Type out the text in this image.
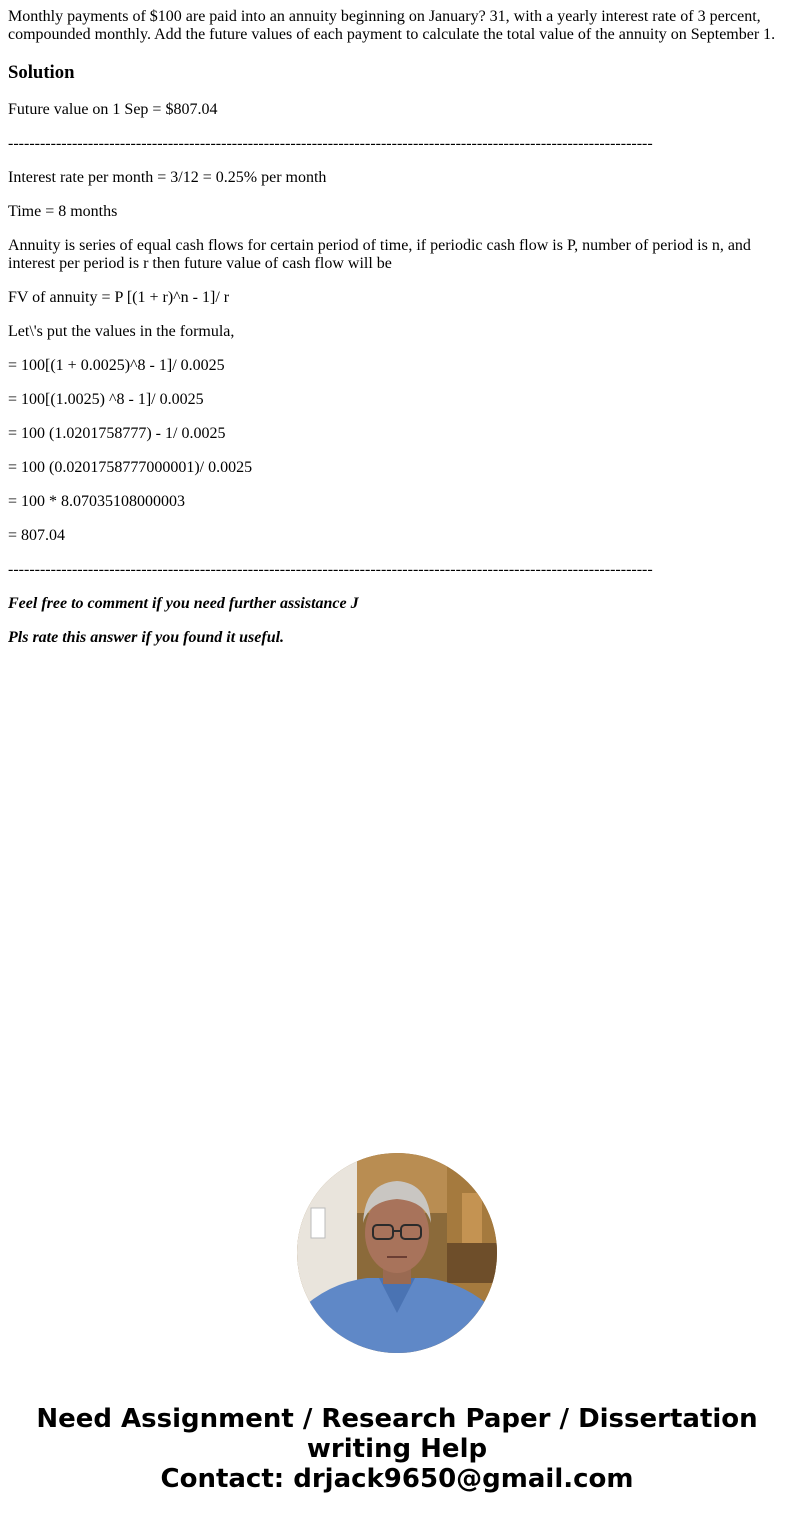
Monthly payments of $100 are paid into an annuity beginning on January? 31, with a yearly interest rate of 3 percent, compounded monthly. Add the future values of each payment to calculate the total value of the annuity on September 1.
Solution

Future value on 1 Sep = $807.04

-------------------------------------------------------------------------------------------------------------------------

Interest rate per month = 3/12 = 0.25% per month

Time = 8 months

Annuity is series of equal cash flows for certain period of time, if periodic cash flow is P, number of period is n, and interest per period is r then future value of cash flow will be

FV of annuity = P [(1 + r)^n - 1]/ r

Let\'s put the values in the formula,

= 100[(1 + 0.0025)^8 - 1]/ 0.0025

= 100[(1.0025) ^8 - 1]/ 0.0025

= 100 (1.0201758777) - 1/ 0.0025

= 100 (0.0201758777000001)/ 0.0025

= 100 * 8.07035108000003

= 807.04

-------------------------------------------------------------------------------------------------------------------------

Feel free to comment if you need further assistance J

Pls rate this answer if you found it useful.

Need Assignment / Research Paper / Dissertation
writing Help
Contact: drjack9650@gmail.com
